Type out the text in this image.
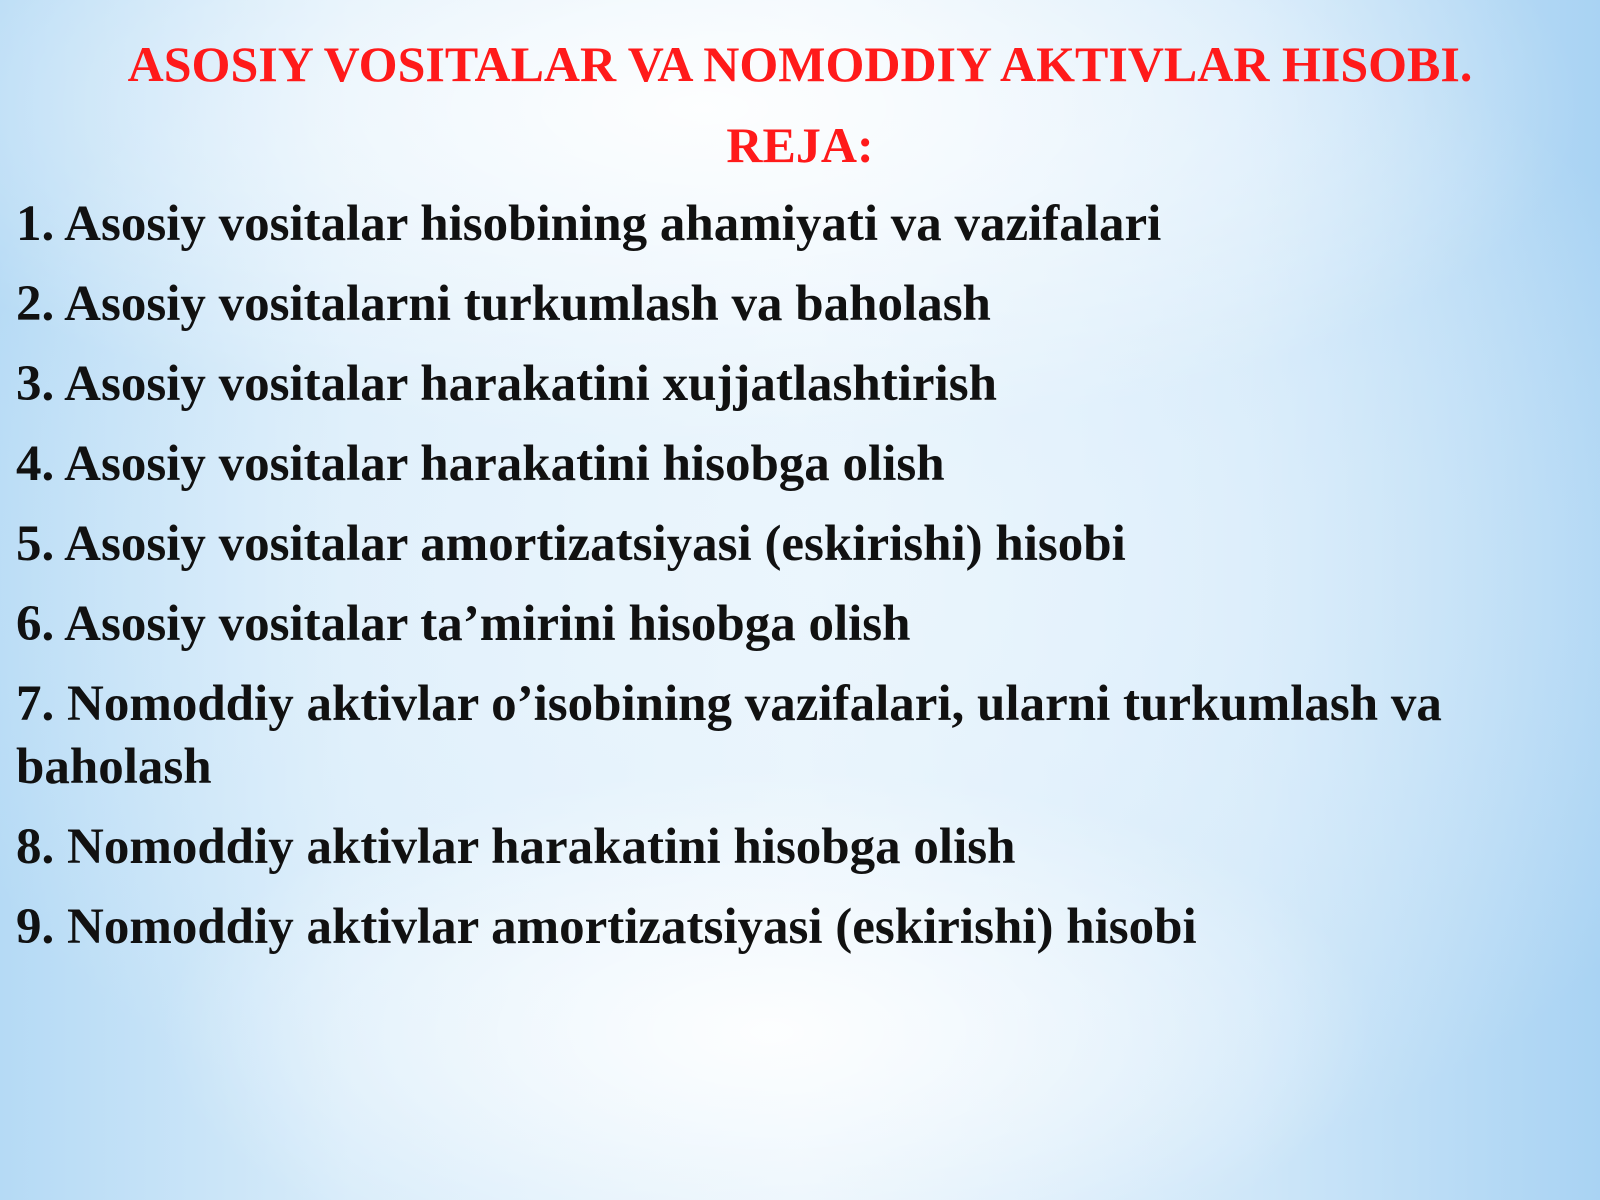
ASOSIY VOSITALAR VA NOMODDIY AKTIVLAR HISOBI.
REJA:
1. Asosiy vositalar hisobining ahamiyati va vazifalari
2. Asosiy vositalarni turkumlash va baholash
3. Asosiy vositalar harakatini xujjatlashtirish
4. Asosiy vositalar harakatini hisobga olish
5. Asosiy vositalar amortizatsiyasi (eskirishi) hisobi
6. Asosiy vositalar ta’mirini hisobga olish
7. Nomoddiy aktivlar o’isobining vazifalari, ularni turkumlash va baholash
8. Nomoddiy aktivlar harakatini hisobga olish
9. Nomoddiy aktivlar amortizatsiyasi (eskirishi) hisobi
